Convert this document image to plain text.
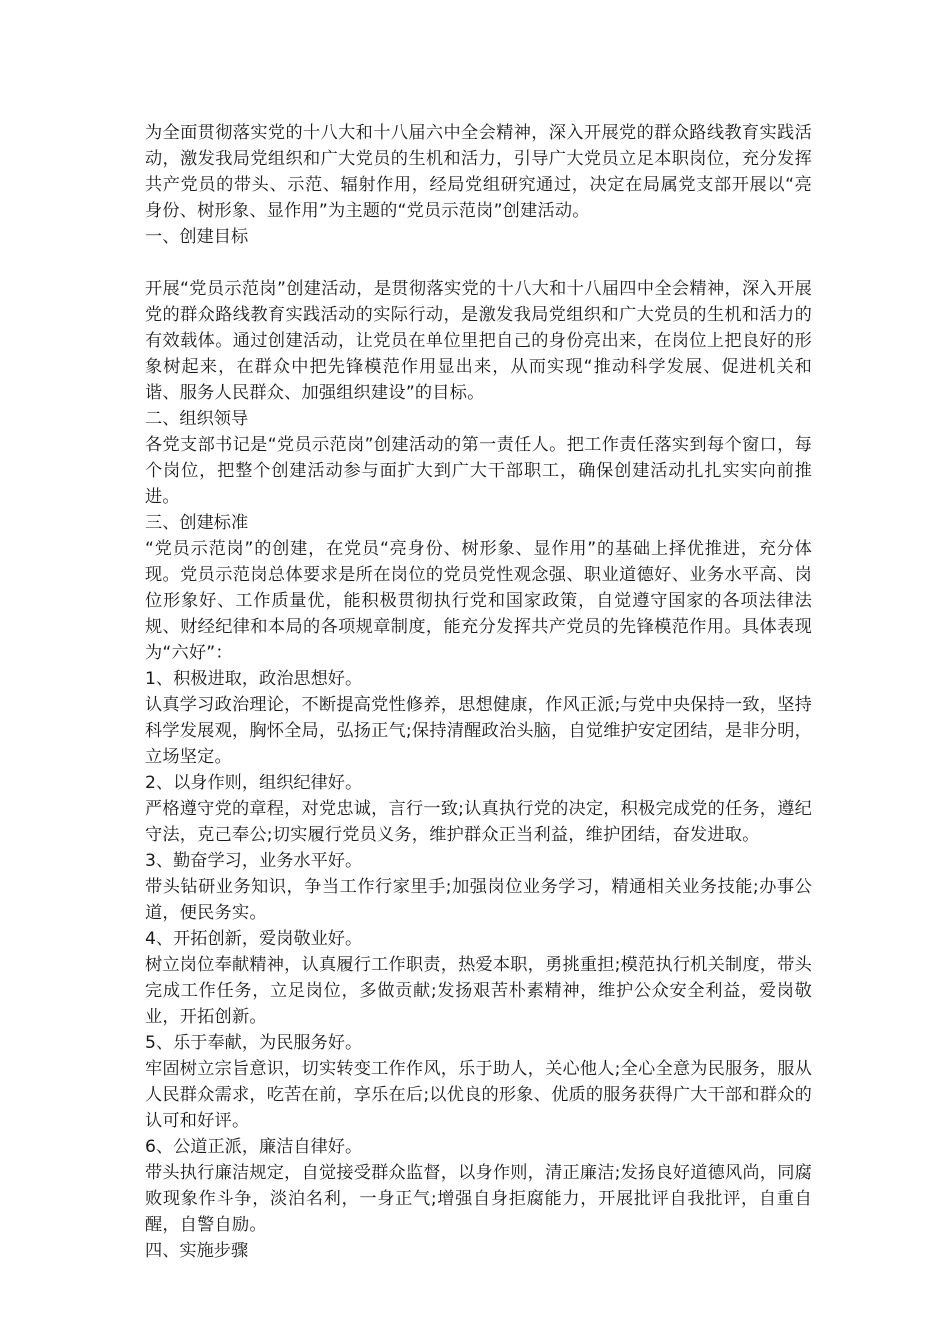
为全面贯彻落实党的十八大和十八届六中全会精神，深入开展党的群众路线教育实践活动，激发我局党组织和广大党员的生机和活力，引导广大党员立足本职岗位，充分发挥共产党员的带头、示范、辐射作用，经局党组研究通过，决定在局属党支部开展以“亮身份、树形象、显作用”为主题的“党员示范岗”创建活动。

一、创建目标

开展“党员示范岗”创建活动，是贯彻落实党的十八大和十八届四中全会精神，深入开展党的群众路线教育实践活动的实际行动，是激发我局党组织和广大党员的生机和活力的有效载体。通过创建活动，让党员在单位里把自己的身份亮出来，在岗位上把良好的形象树起来，在群众中把先锋模范作用显出来，从而实现“推动科学发展、促进机关和谐、服务人民群众、加强组织建设”的目标。

二、组织领导

各党支部书记是“党员示范岗”创建活动的第一责任人。把工作责任落实到每个窗口，每个岗位，把整个创建活动参与面扩大到广大干部职工，确保创建活动扎扎实实向前推进。

三、创建标准

“党员示范岗”的创建，在党员“亮身份、树形象、显作用”的基础上择优推进，充分体现。党员示范岗总体要求是所在岗位的党员党性观念强、职业道德好、业务水平高、岗位形象好、工作质量优，能积极贯彻执行党和国家政策，自觉遵守国家的各项法律法规、财经纪律和本局的各项规章制度，能充分发挥共产党员的先锋模范作用。具体表现为“六好”：

1、积极进取，政治思想好。

认真学习政治理论，不断提高党性修养，思想健康，作风正派;与党中央保持一致，坚持科学发展观，胸怀全局，弘扬正气;保持清醒政治头脑，自觉维护安定团结，是非分明，立场坚定。

2、以身作则，组织纪律好。

严格遵守党的章程，对党忠诚，言行一致;认真执行党的决定，积极完成党的任务，遵纪守法，克己奉公;切实履行党员义务，维护群众正当利益，维护团结，奋发进取。

3、勤奋学习，业务水平好。

带头钻研业务知识，争当工作行家里手;加强岗位业务学习，精通相关业务技能;办事公道，便民务实。

4、开拓创新，爱岗敬业好。

树立岗位奉献精神，认真履行工作职责，热爱本职，勇挑重担;模范执行机关制度，带头完成工作任务，立足岗位，多做贡献;发扬艰苦朴素精神，维护公众安全利益，爱岗敬业，开拓创新。

5、乐于奉献，为民服务好。

牢固树立宗旨意识，切实转变工作作风，乐于助人，关心他人;全心全意为民服务，服从人民群众需求，吃苦在前，享乐在后;以优良的形象、优质的服务获得广大干部和群众的认可和好评。

6、公道正派，廉洁自律好。

带头执行廉洁规定，自觉接受群众监督，以身作则，清正廉洁;发扬良好道德风尚，同腐败现象作斗争，淡泊名利，一身正气;增强自身拒腐能力，开展批评自我批评，自重自醒，自警自励。

四、实施步骤
